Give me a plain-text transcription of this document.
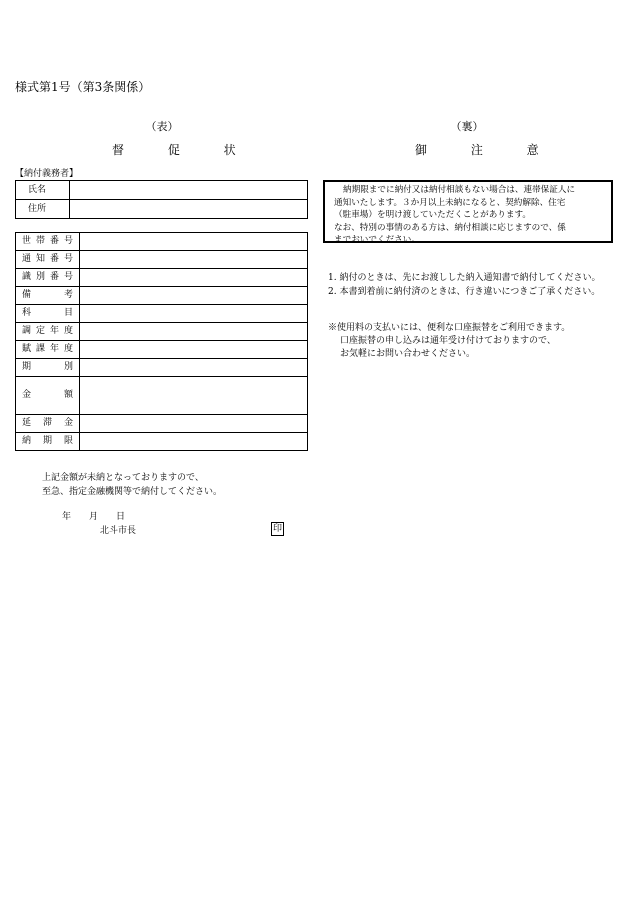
様式第1号（第3条関係）
（表）
督 促 状
【納付義務者】
氏名	
住所	
世帯番号	
通知番号	
識別番号	
備考	
科目	
調定年度	
賦課年度	
期別	
金額	
延滞金	
納期限	
上記金額が未納となっておりますので、
至急、指定金融機関等で納付してください。
年　　月　　日
北斗市長	印
（裏）
御 注 意

納期限までに納付又は納付相談もない場合は、連帯保証人に

通知いたします。３か月以上未納になると、契約解除、住宅

（駐車場）を明け渡していただくことがあります。

なお、特別の事情のある方は、納付相談に応じますので、係

までおいでください。

1. 納付のときは、先にお渡しした納入通知書で納付してください。
2. 本書到着前に納付済のときは、行き違いにつきご了承ください。
※使用料の支払いには、便利な口座振替をご利用できます。
口座振替の申し込みは通年受け付けておりますので、
お気軽にお問い合わせください。
